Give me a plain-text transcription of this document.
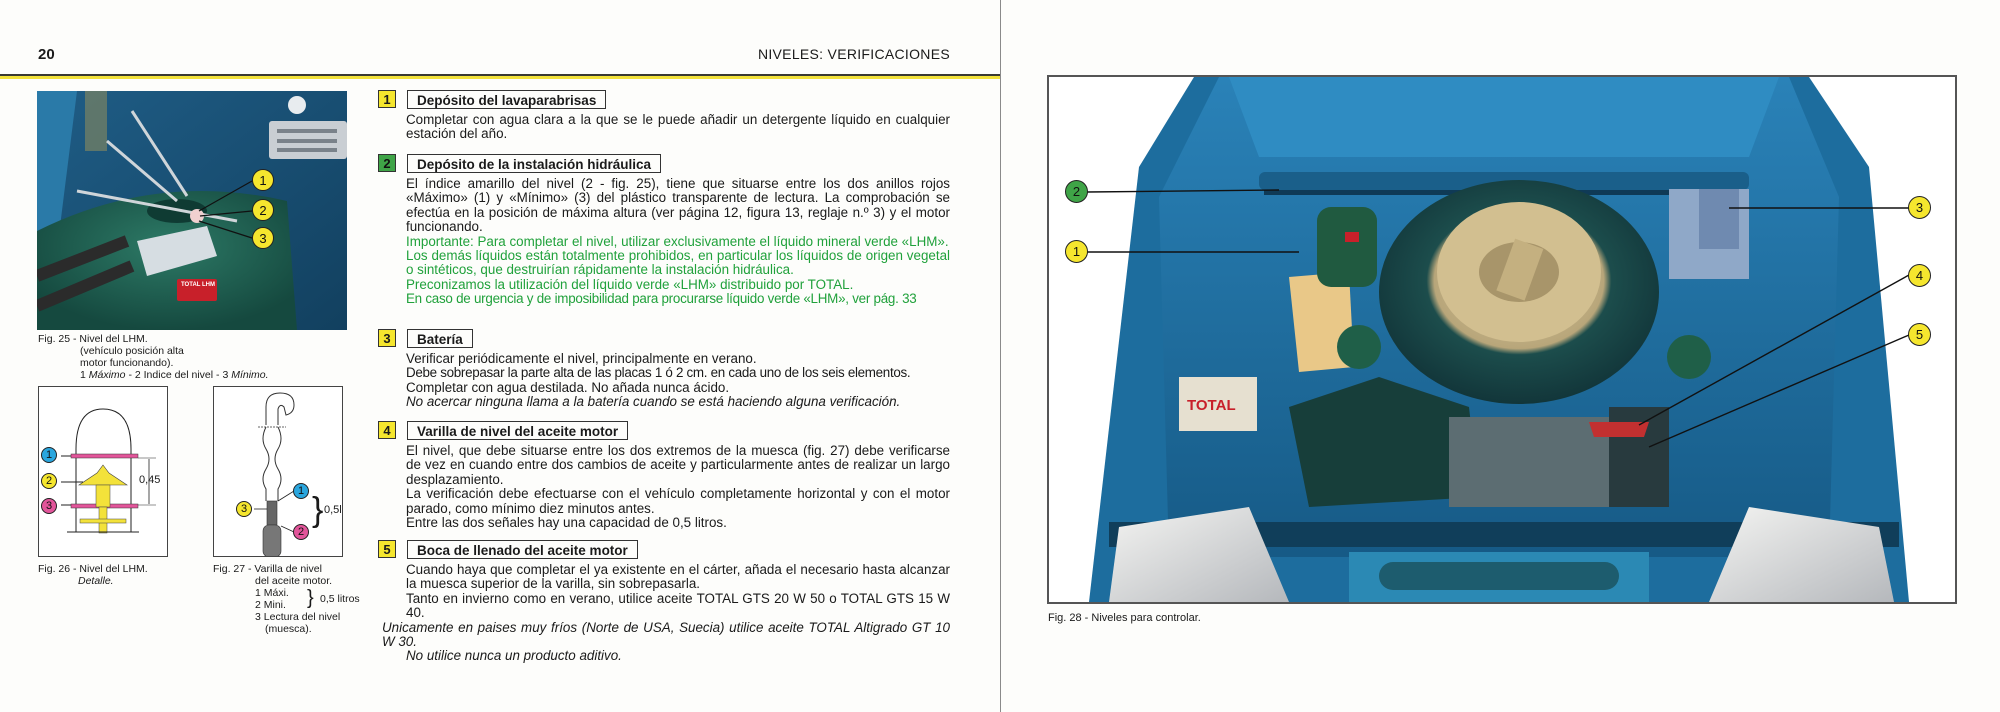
20	NIVELES: VERIFICACIONES
1
2
3
TOTAL LHM
Fig. 25 - Nivel del LHM.
(vehículo posición alta
motor funcionando).
1 Máximo - 2 Indice del nivel - 3 Mínimo.
1
2
3
0,45
1
3
2
} 0,5l
Fig. 26 - Nivel del LHM.
Detalle.
Fig. 27 - Varilla de nivel
del aceite motor.
1 Máxi.	0,5 litros
}
2 Mini.
3 Lectura del nivel
(muesca).
1	Depósito del lavaparabrisas

Completar con agua clara a la que se le puede añadir un detergente líquido en cualquier estación del año.

2	Depósito de la instalación hidráulica

El índice amarillo del nivel (2 - fig. 25), tiene que situarse entre los dos anillos rojos «Máximo» (1) y «Mínimo» (3) del plástico transparente de lectura. La comprobación se efectúa en la posición de máxima altura (ver página 12, figura 13, reglaje n.º 3) y el motor funcionando.

Importante: Para completar el nivel, utilizar exclusivamente el líquido mineral verde «LHM».

Los demás líquidos están totalmente prohibidos, en particular los líquidos de origen vegetal o sintéticos, que destruirían rápidamente la instalación hidráulica.

Preconizamos la utilización del líquido verde «LHM» distribuido por TOTAL.

En caso de urgencia y de imposibilidad para procurarse líquido verde «LHM», ver pág. 33

3	Batería

Verificar periódicamente el nivel, principalmente en verano.

Debe sobrepasar la parte alta de las placas 1 ó 2 cm. en cada uno de los seis elementos.

Completar con agua destilada. No añada nunca ácido.

No acercar ninguna llama a la batería cuando se está haciendo alguna verificación.

4	Varilla de nivel del aceite motor

El nivel, que debe situarse entre los dos extremos de la muesca (fig. 27) debe verificarse de vez en cuando entre dos cambios de aceite y particularmente antes de realizar un largo desplazamiento.

La verificación debe efectuarse con el vehículo completamente horizontal y con el motor parado, como mínimo diez minutos antes.

Entre las dos señales hay una capacidad de 0,5 litros.

5	Boca de llenado del aceite motor

Cuando haya que completar el ya existente en el cárter, añada el necesario hasta alcanzar la muesca superior de la varilla, sin sobrepasarla.

Tanto en invierno como en verano, utilice aceite TOTAL GTS 20 W 50 o TOTAL GTS 15 W 40.

Unicamente en paises muy fríos (Norte de USA, Suecia) utilice aceite TOTAL Altigrado GT 10 W 30.

No utilice nunca un producto aditivo.

2
1
3
4
5
TOTAL
Fig. 28 - Niveles para controlar.
